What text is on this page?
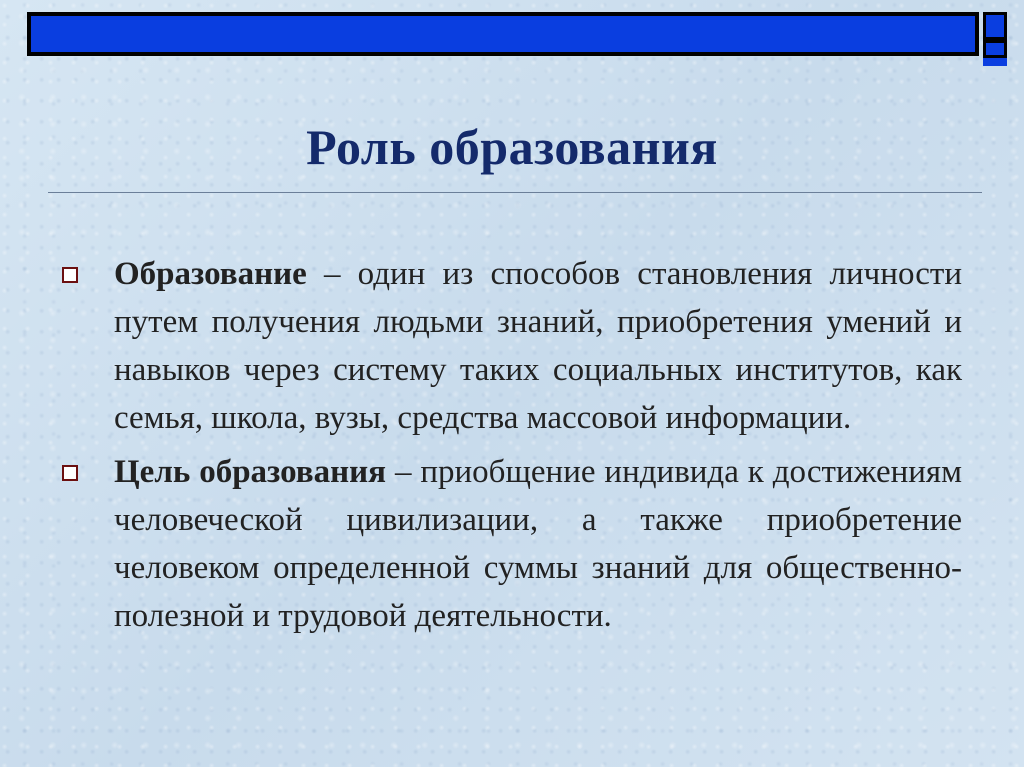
Роль образования
Образование – один из способов становления личности путем получения людьми знаний, приобретения умений и навыков через систему таких социальных институтов, как семья, школа, вузы, средства массовой информации.
Цель образования – приобщение индивида к достижениям человеческой цивилизации, а также приобретение человеком определенной суммы знаний для общественно-полезной и трудовой деятельности.
